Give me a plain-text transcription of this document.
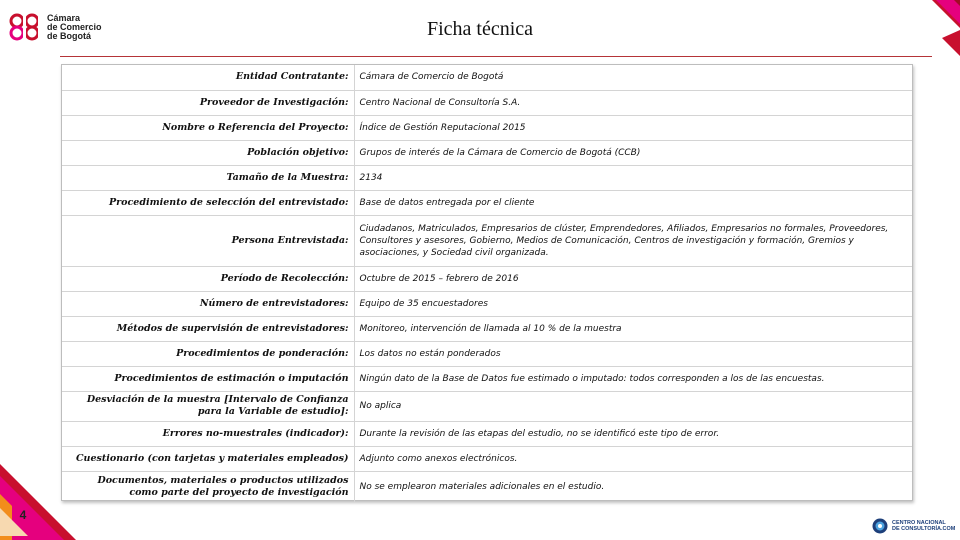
Cámara
de Comercio
de Bogotá	Ficha técnica
4
CENTRO NACIONAL
DE CONSULTORÍA.COM
Entidad Contratante:	Cámara de Comercio de Bogotá
Proveedor de Investigación:	Centro Nacional de Consultoría S.A.
Nombre o Referencia del Proyecto:	Índice de Gestión Reputacional 2015
Población objetivo:	Grupos de interés de la Cámara de Comercio de Bogotá (CCB)
Tamaño de la Muestra:	2134
Procedimiento de selección del entrevistado:	Base de datos entregada por el cliente
Persona Entrevistada:	Ciudadanos, Matriculados, Empresarios de clúster, Emprendedores, Afiliados, Empresarios no formales, Proveedores, Consultores y asesores, Gobierno, Medios de Comunicación, Centros de investigación y formación, Gremios y asociaciones, y Sociedad civil organizada.
Período de Recolección:	Octubre de 2015 – febrero de 2016
Número de entrevistadores:	Equipo de 35 encuestadores
Métodos de supervisión de entrevistadores:	Monitoreo, intervención de llamada al 10 % de la muestra
Procedimientos de ponderación:	Los datos no están ponderados
Procedimientos de estimación o imputación	Ningún dato de la Base de Datos fue estimado o imputado: todos corresponden a los de las encuestas.
Desviación de la muestra [Intervalo de Confianza para la Variable de estudio]:	No aplica
Errores no-muestrales (indicador):	Durante la revisión de las etapas del estudio, no se identificó este tipo de error.
Cuestionario (con tarjetas y materiales empleados)	Adjunto como anexos electrónicos.
Documentos, materiales o productos utilizados como parte del proyecto de investigación	No se emplearon materiales adicionales en el estudio.
